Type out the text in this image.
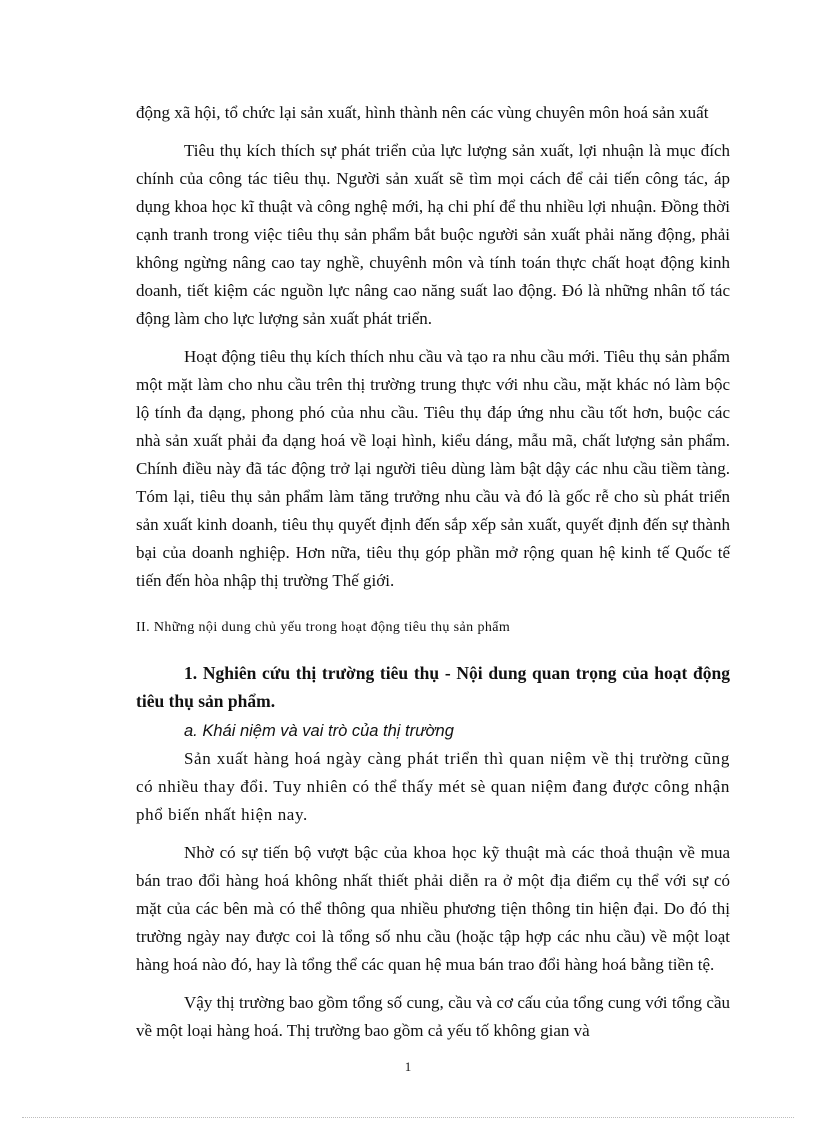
động xã hội, tổ chức lại sản xuất, hình thành nên các vùng chuyên môn hoá sản xuất

Tiêu thụ kích thích sự phát triển của lực lượng sản xuất, lợi nhuận là mục đích chính của công tác tiêu thụ. Người sản xuất sẽ tìm mọi cách để cải tiến công tác, áp dụng khoa học kĩ thuật và công nghệ mới, hạ chi phí để thu nhiều lợi nhuận. Đồng thời cạnh tranh trong việc tiêu thụ sản phẩm bắt buộc người sản xuất phải năng động, phải không ngừng nâng cao tay nghề, chuyênh môn và tính toán thực chất hoạt động kinh doanh, tiết kiệm các nguồn lực nâng cao năng suất lao động. Đó là những nhân tố tác động làm cho lực lượng sản xuất phát triển.

Hoạt động tiêu thụ kích thích nhu cầu và tạo ra nhu cầu mới. Tiêu thụ sản phẩm một mặt làm cho nhu cầu trên thị trường trung thực với nhu cầu, mặt khác nó làm bộc lộ tính đa dạng, phong phó của nhu cầu. Tiêu thụ đáp ứng nhu cầu tốt hơn, buộc các nhà sản xuất phải đa dạng hoá về loại hình, kiểu dáng, mẫu mã, chất lượng sản phẩm. Chính điều này đã tác động trở lại người tiêu dùng làm bật dậy các nhu cầu tiềm tàng. Tóm lại, tiêu thụ sản phẩm làm tăng trưởng nhu cầu và đó là gốc rễ cho sù phát triển sản xuất kinh doanh, tiêu thụ quyết định đến sắp xếp sản xuất, quyết định đến sự thành bại của doanh nghiệp. Hơn nữa, tiêu thụ góp phần mở rộng quan hệ kinh tế Quốc tế tiến đến hòa nhập thị trường Thế giới.

II. Những nội dung chủ yếu trong hoạt động tiêu thụ sản phẩm

1. Nghiên cứu thị trường tiêu thụ - Nội dung quan trọng của hoạt động tiêu thụ sản phẩm.

a. Khái niệm và vai trò của thị trường

Sản xuất hàng hoá ngày càng phát triển thì quan niệm về thị trường cũng có nhiều thay đổi. Tuy nhiên có thể thấy mét sè quan niệm đang được công nhận phổ biến nhất hiện nay.

Nhờ có sự tiến bộ vượt bậc của khoa học kỹ thuật mà các thoả thuận về mua bán trao đổi hàng hoá không nhất thiết phải diễn ra ở một địa điểm cụ thể với sự có mặt của các bên mà có thể thông qua nhiều phương tiện thông tin hiện đại. Do đó thị trường ngày nay được coi là tổng số nhu cầu (hoặc tập hợp các nhu cầu) về một loạt hàng hoá nào đó, hay là tổng thể các quan hệ mua bán trao đổi hàng hoá bằng tiền tệ.

Vậy thị trường bao gồm tổng số cung, cầu và cơ cấu của tổng cung với tổng cầu về một loại hàng hoá. Thị trường bao gồm cả yếu tố không gian và

1
